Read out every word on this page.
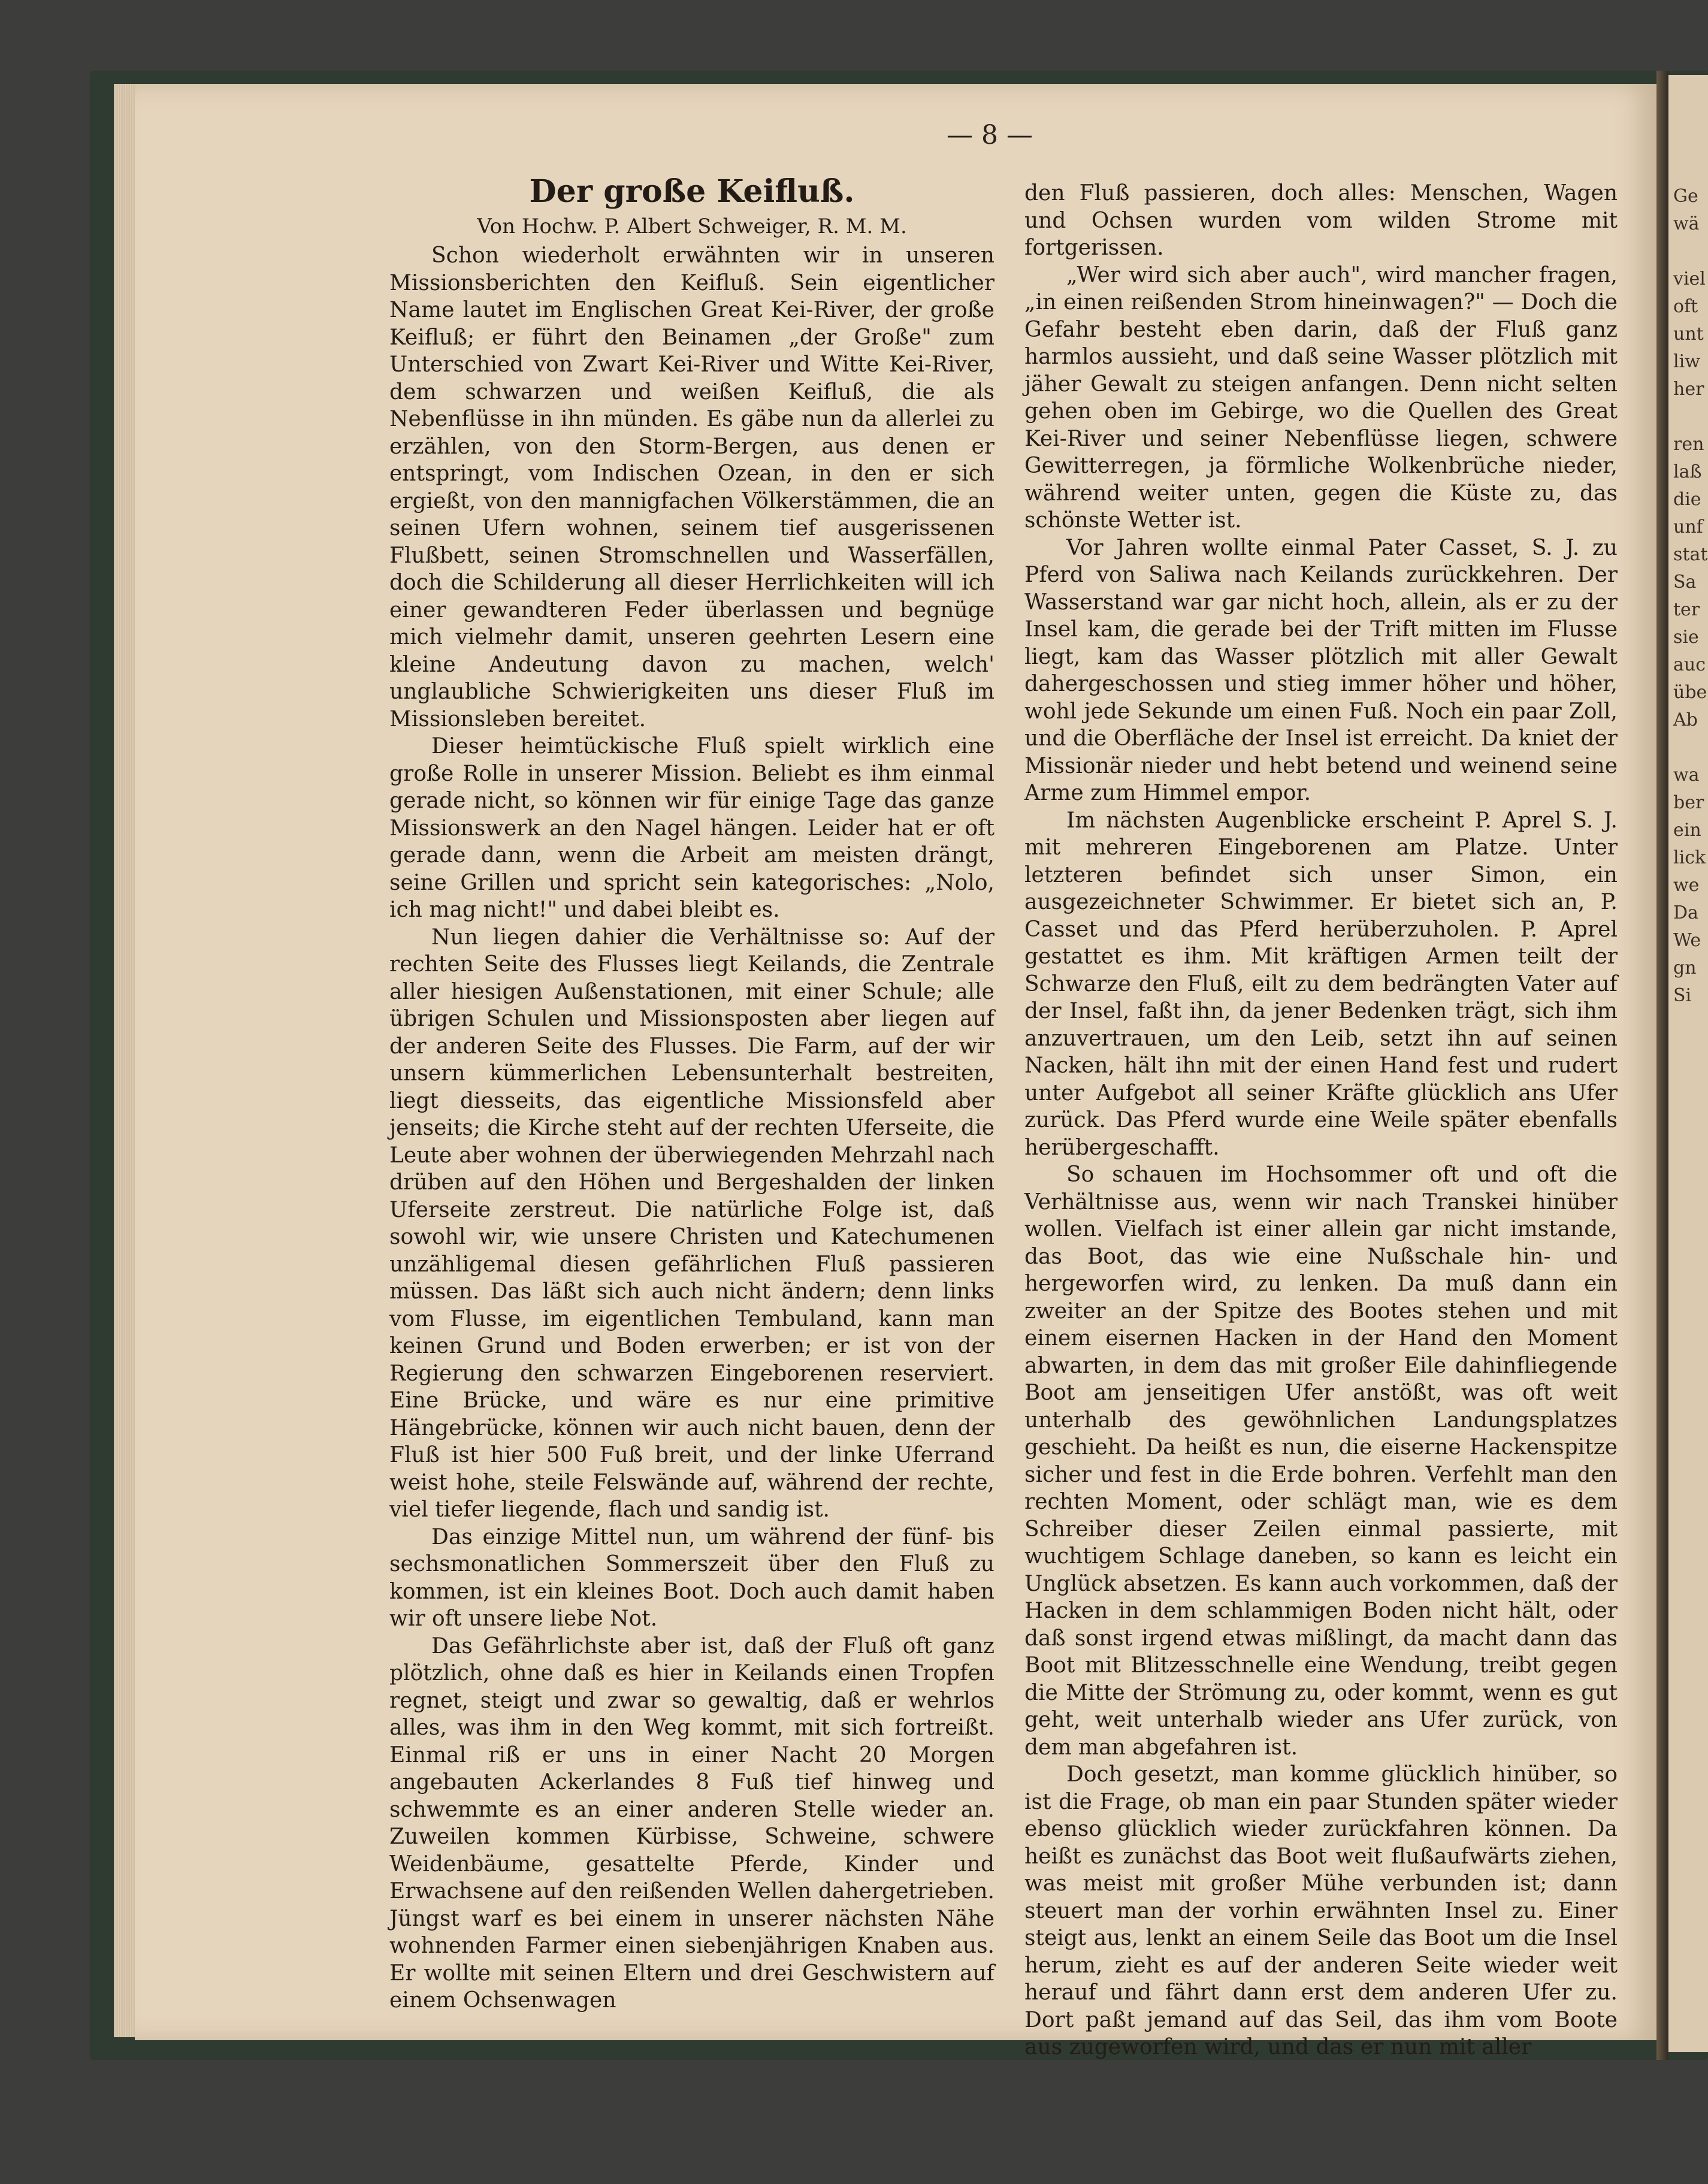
— 8 —
Der große Keifluß.
Von Hochw. P. Albert Schweiger, R. M. M.

Schon wiederholt erwähnten wir in unseren Missionsberichten den Keifluß. Sein eigentlicher Name lautet im Englischen Great Kei-River, der große Keifluß; er führt den Beinamen „der Große" zum Unterschied von Zwart Kei-River und Witte Kei-River, dem schwarzen und weißen Keifluß, die als Nebenflüsse in ihn münden. Es gäbe nun da allerlei zu erzählen, von den Storm-Bergen, aus denen er entspringt, vom Indischen Ozean, in den er sich ergießt, von den mannigfachen Völkerstämmen, die an seinen Ufern wohnen, seinem tief ausgerissenen Flußbett, seinen Stromschnellen und Wasserfällen, doch die Schilderung all dieser Herrlichkeiten will ich einer gewandteren Feder überlassen und begnüge mich vielmehr damit, unseren geehrten Lesern eine kleine Andeutung davon zu machen, welch' unglaubliche Schwierigkeiten uns dieser Fluß im Missionsleben bereitet.

Dieser heimtückische Fluß spielt wirklich eine große Rolle in unserer Mission. Beliebt es ihm einmal gerade nicht, so können wir für einige Tage das ganze Missionswerk an den Nagel hängen. Leider hat er oft gerade dann, wenn die Arbeit am meisten drängt, seine Grillen und spricht sein kategorisches: „Nolo, ich mag nicht!" und dabei bleibt es.

Nun liegen dahier die Verhältnisse so: Auf der rechten Seite des Flusses liegt Keilands, die Zentrale aller hiesigen Außenstationen, mit einer Schule; alle übrigen Schulen und Missionsposten aber liegen auf der anderen Seite des Flusses. Die Farm, auf der wir unsern kümmerlichen Lebensunterhalt bestreiten, liegt diesseits, das eigentliche Missionsfeld aber jenseits; die Kirche steht auf der rechten Uferseite, die Leute aber wohnen der überwiegenden Mehrzahl nach drüben auf den Höhen und Bergeshalden der linken Uferseite zerstreut. Die natürliche Folge ist, daß sowohl wir, wie unsere Christen und Katechumenen unzähligemal diesen gefährlichen Fluß passieren müssen. Das läßt sich auch nicht ändern; denn links vom Flusse, im eigentlichen Tembuland, kann man keinen Grund und Boden erwerben; er ist von der Regierung den schwarzen Eingeborenen reserviert. Eine Brücke, und wäre es nur eine primitive Hängebrücke, können wir auch nicht bauen, denn der Fluß ist hier 500 Fuß breit, und der linke Uferrand weist hohe, steile Felswände auf, während der rechte, viel tiefer liegende, flach und sandig ist.

Das einzige Mittel nun, um während der fünf- bis sechsmonatlichen Sommerszeit über den Fluß zu kommen, ist ein kleines Boot. Doch auch damit haben wir oft unsere liebe Not.

Das Gefährlichste aber ist, daß der Fluß oft ganz plötzlich, ohne daß es hier in Keilands einen Tropfen regnet, steigt und zwar so gewaltig, daß er wehrlos alles, was ihm in den Weg kommt, mit sich fortreißt. Einmal riß er uns in einer Nacht 20 Morgen angebauten Ackerlandes 8 Fuß tief hinweg und schwemmte es an einer anderen Stelle wieder an. Zuweilen kommen Kürbisse, Schweine, schwere Weidenbäume, gesattelte Pferde, Kinder und Erwachsene auf den reißenden Wellen dahergetrieben. Jüngst warf es bei einem in unserer nächsten Nähe wohnenden Farmer einen siebenjährigen Knaben aus. Er wollte mit seinen Eltern und drei Geschwistern auf einem Ochsenwagen

den Fluß passieren, doch alles: Menschen, Wagen und Ochsen wurden vom wilden Strome mit fortgerissen.

„Wer wird sich aber auch", wird mancher fragen, „in einen reißenden Strom hineinwagen?" — Doch die Gefahr besteht eben darin, daß der Fluß ganz harmlos aussieht, und daß seine Wasser plötzlich mit jäher Gewalt zu steigen anfangen. Denn nicht selten gehen oben im Gebirge, wo die Quellen des Great Kei-River und seiner Nebenflüsse liegen, schwere Gewitterregen, ja förmliche Wolkenbrüche nieder, während weiter unten, gegen die Küste zu, das schönste Wetter ist.

Vor Jahren wollte einmal Pater Casset, S. J. zu Pferd von Saliwa nach Keilands zurückkehren. Der Wasserstand war gar nicht hoch, allein, als er zu der Insel kam, die gerade bei der Trift mitten im Flusse liegt, kam das Wasser plötzlich mit aller Gewalt dahergeschossen und stieg immer höher und höher, wohl jede Sekunde um einen Fuß. Noch ein paar Zoll, und die Oberfläche der Insel ist erreicht. Da kniet der Missionär nieder und hebt betend und weinend seine Arme zum Himmel empor.

Im nächsten Augenblicke erscheint P. Aprel S. J. mit mehreren Eingeborenen am Platze. Unter letzteren befindet sich unser Simon, ein ausgezeichneter Schwimmer. Er bietet sich an, P. Casset und das Pferd herüberzuholen. P. Aprel gestattet es ihm. Mit kräftigen Armen teilt der Schwarze den Fluß, eilt zu dem bedrängten Vater auf der Insel, faßt ihn, da jener Bedenken trägt, sich ihm anzuvertrauen, um den Leib, setzt ihn auf seinen Nacken, hält ihn mit der einen Hand fest und rudert unter Aufgebot all seiner Kräfte glücklich ans Ufer zurück. Das Pferd wurde eine Weile später ebenfalls herübergeschafft.

So schauen im Hochsommer oft und oft die Verhältnisse aus, wenn wir nach Transkei hinüber wollen. Vielfach ist einer allein gar nicht imstande, das Boot, das wie eine Nußschale hin- und hergeworfen wird, zu lenken. Da muß dann ein zweiter an der Spitze des Bootes stehen und mit einem eisernen Hacken in der Hand den Moment abwarten, in dem das mit großer Eile dahinfliegende Boot am jenseitigen Ufer anstößt, was oft weit unterhalb des gewöhnlichen Landungsplatzes geschieht. Da heißt es nun, die eiserne Hackenspitze sicher und fest in die Erde bohren. Verfehlt man den rechten Moment, oder schlägt man, wie es dem Schreiber dieser Zeilen einmal passierte, mit wuchtigem Schlage daneben, so kann es leicht ein Unglück absetzen. Es kann auch vorkommen, daß der Hacken in dem schlammigen Boden nicht hält, oder daß sonst irgend etwas mißlingt, da macht dann das Boot mit Blitzesschnelle eine Wendung, treibt gegen die Mitte der Strömung zu, oder kommt, wenn es gut geht, weit unterhalb wieder ans Ufer zurück, von dem man abgefahren ist.

Doch gesetzt, man komme glücklich hinüber, so ist die Frage, ob man ein paar Stunden später wieder ebenso glücklich wieder zurückfahren können. Da heißt es zunächst das Boot weit flußaufwärts ziehen, was meist mit großer Mühe verbunden ist; dann steuert man der vorhin erwähnten Insel zu. Einer steigt aus, lenkt an einem Seile das Boot um die Insel herum, zieht es auf der anderen Seite wieder weit herauf und fährt dann erst dem anderen Ufer zu. Dort paßt jemand auf das Seil, das ihm vom Boote aus zugeworfen wird, und das er nun mit aller

Ge
wä
viel
oft
unt
liw
her
ren
laß
die
unf
stat
Sa
ter
sie
auc
übe
Ab
wa
ber
ein
lick
we
Da
We
gn
Si
